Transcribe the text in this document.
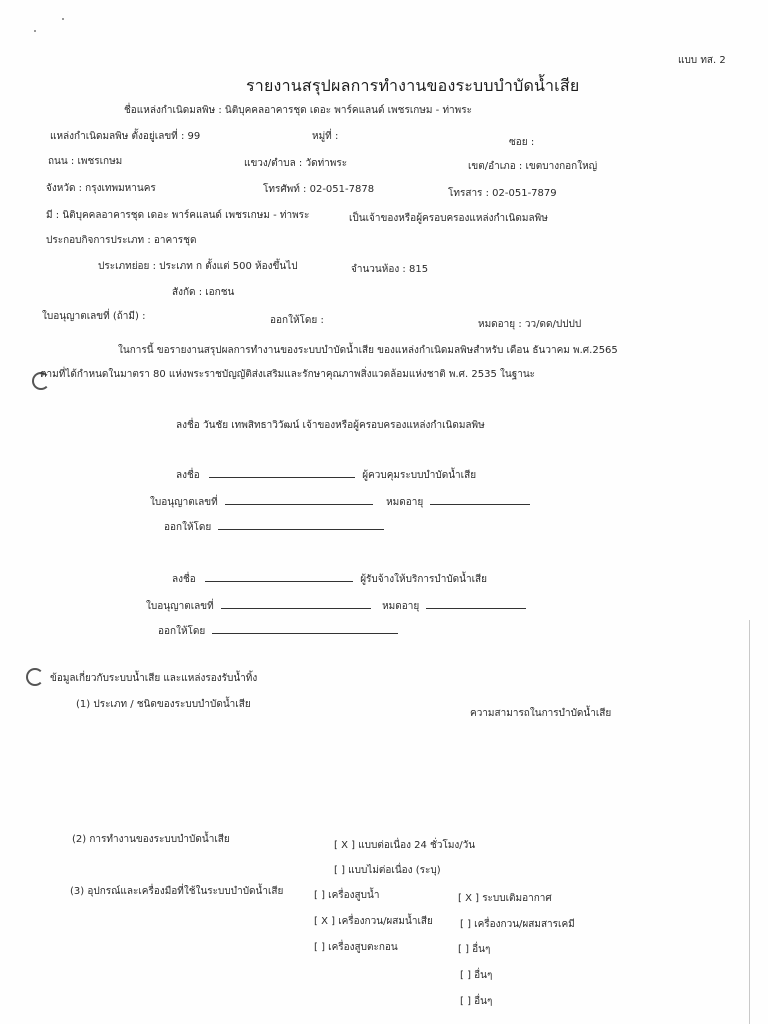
แบบ ทส. 2
รายงานสรุปผลการทำงานของระบบบำบัดน้ำเสีย
ชื่อแหล่งกำเนิดมลพิษ : นิติบุคคลอาคารชุด เดอะ พาร์คแลนด์ เพชรเกษม - ท่าพระ
แหล่งกำเนิดมลพิษ ตั้งอยู่เลขที่ : 99	หมู่ที่ :
ซอย :
ถนน : เพชรเกษม	แขวง/ตำบล : วัดท่าพระ	เขต/อำเภอ : เขตบางกอกใหญ่
จังหวัด : กรุงเทพมหานคร	โทรศัพท์ : 02-051-7878	โทรสาร : 02-051-7879
มี : นิติบุคคลอาคารชุด เดอะ พาร์คแลนด์ เพชรเกษม - ท่าพระ	เป็นเจ้าของหรือผู้ครอบครองแหล่งกำเนิดมลพิษ
ประกอบกิจการประเภท : อาคารชุด
ประเภทย่อย : ประเภท ก ตั้งแต่ 500 ห้องขึ้นไป	จำนวนห้อง : 815
สังกัด : เอกชน
ใบอนุญาตเลขที่ (ถ้ามี) :	ออกให้โดย :	หมดอายุ : วว/ดด/ปปปป
ในการนี้ ขอรายงานสรุปผลการทำงานของระบบบำบัดน้ำเสีย ของแหล่งกำเนิดมลพิษสำหรับ เดือน ธันวาคม พ.ศ.2565
ตามที่ได้กำหนดในมาตรา 80 แห่งพระราชบัญญัติส่งเสริมและรักษาคุณภาพสิ่งแวดล้อมแห่งชาติ พ.ศ. 2535 ในฐานะ
ลงชื่อ วันชัย เทพสิทธาวิวัฒน์ เจ้าของหรือผู้ครอบครองแหล่งกำเนิดมลพิษ
ลงชื่อ	ผู้ควบคุมระบบบำบัดน้ำเสีย
ใบอนุญาตเลขที่	หมดอายุ
ออกให้โดย
ลงชื่อ	ผู้รับจ้างให้บริการบำบัดน้ำเสีย
ใบอนุญาตเลขที่	หมดอายุ
ออกให้โดย
ข้อมูลเกี่ยวกับระบบน้ำเสีย และแหล่งรองรับน้ำทิ้ง
(1) ประเภท / ชนิดของระบบบำบัดน้ำเสีย
ความสามารถในการบำบัดน้ำเสีย
(2) การทำงานของระบบบำบัดน้ำเสีย
[ X ] แบบต่อเนื่อง 24 ชั่วโมง/วัน
[ ] แบบไม่ต่อเนื่อง (ระบุ)
(3) อุปกรณ์และเครื่องมือที่ใช้ในระบบบำบัดน้ำเสีย	[ ] เครื่องสูบน้ำ
[ X ] เครื่องกวน/ผสมน้ำเสีย
[ ] เครื่องสูบตะกอน
[ X ] ระบบเติมอากาศ
[ ] เครื่องกวน/ผสมสารเคมี
[ ] อื่นๆ
[ ] อื่นๆ
[ ] อื่นๆ
